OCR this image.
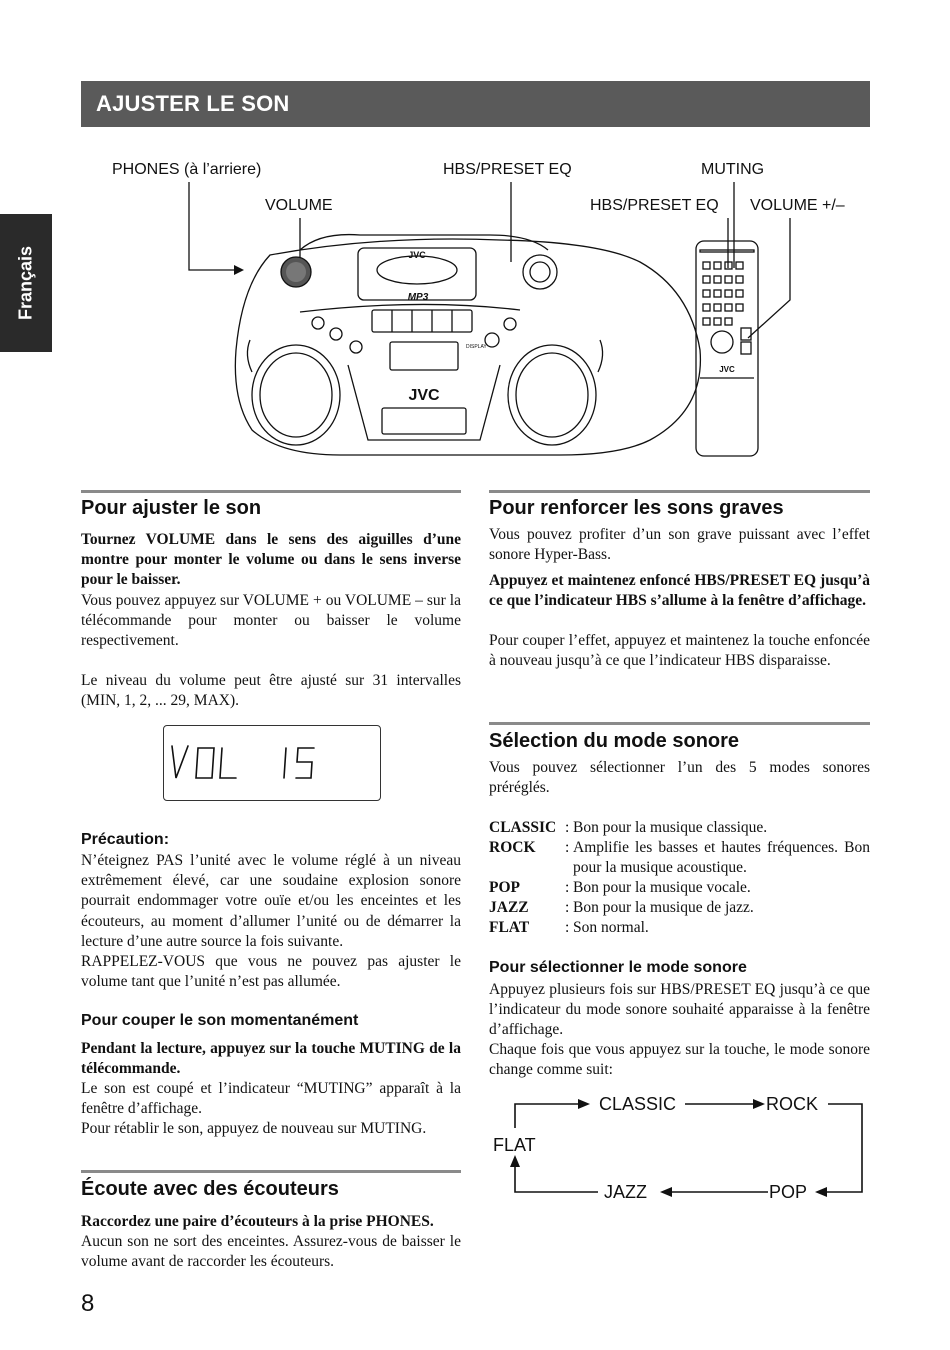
AJUSTER LE SON
Français
PHONES (à l’arriere)	HBS/PRESET EQ	MUTING
VOLUME	HBS/PRESET EQ VOLUME +/–
JVC
MP3
DISPLAY
JVC
JVC
Pour ajuster le son
Tournez VOLUME dans le sens des aiguilles d’une montre pour monter le volume ou dans le sens inverse pour le baisser.
Vous pouvez appuyez sur VOLUME + ou VOLUME – sur la télécommande pour monter ou baisser le volume respectivement.
Le niveau du volume peut être ajusté sur 31 intervalles (MIN, 1, 2, ... 29, MAX).
Précaution:
N’éteignez PAS l’unité avec le volume réglé à un niveau extrêmement élevé, car une soudaine explosion sonore pourrait endommager votre ouïe et/ou les enceintes et les écouteurs, au moment d’allumer l’unité ou de démarrer la lecture d’une autre source la fois suivante.
RAPPELEZ-VOUS que vous ne pouvez pas ajuster le volume tant que l’unité n’est pas allumée.
Pour couper le son momentanément
Pendant la lecture, appuyez sur la touche MUTING de la télécommande.
Le son est coupé et l’indicateur “MUTING” apparaît à la fenêtre d’affichage.
Pour rétablir le son, appuyez de nouveau sur MUTING.
Écoute avec des écouteurs
Raccordez une paire d’écouteurs à la prise PHONES.
Aucun son ne sort des enceintes. Assurez-vous de baisser le volume avant de raccorder les écouteurs.
Pour renforcer les sons graves
Vous pouvez profiter d’un son grave puissant avec l’effet sonore Hyper-Bass.
Appuyez et maintenez enfoncé HBS/PRESET EQ jusqu’à ce que l’indicateur HBS s’allume à la fenêtre d’affichage.
Pour couper l’effet, appuyez et maintenez la touche enfoncée à nouveau jusqu’à ce que l’indicateur HBS disparaisse.
Sélection du mode sonore
Vous pouvez sélectionner l’un des 5 modes sonores préréglés.
CLASSIC : Bon pour la musique classique.
ROCK : Amplifie les basses et hautes fréquences. Bon pour la musique acoustique.
POP	: Bon pour la musique vocale.
JAZZ : Bon pour la musique de jazz.
FLAT : Son normal.
Pour sélectionner le mode sonore
Appuyez plusieurs fois sur HBS/PRESET EQ jusqu’à ce que l’indicateur du mode sonore souhaité apparaisse à la fenêtre d’affichage.
Chaque fois que vous appuyez sur la touche, le mode sonore change comme suit:
CLASSIC	ROCK
POP
JAZZ
FLAT
8
